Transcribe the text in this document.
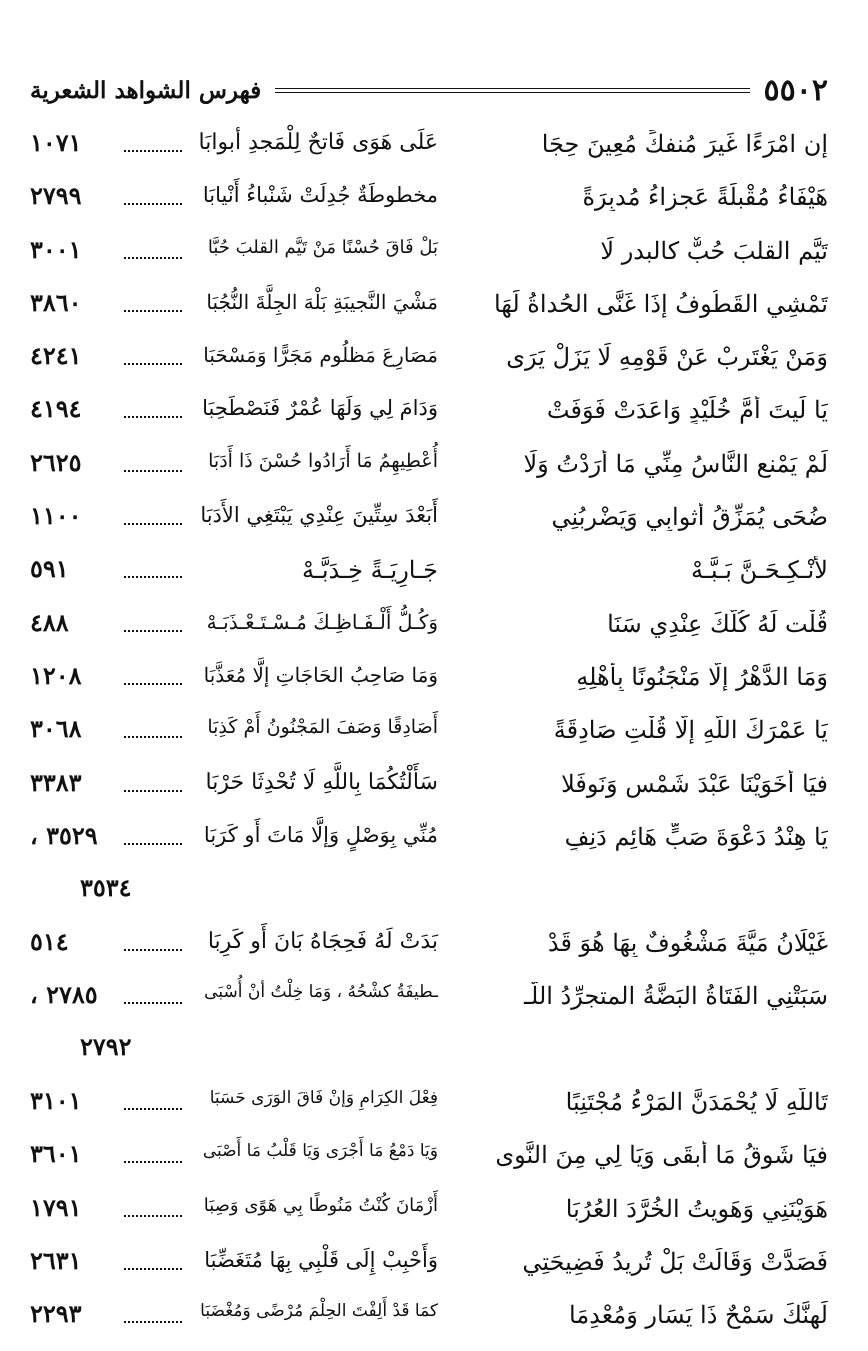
٥٥٠٢
فهرس الشواهد الشعرية
إن امْرَءًا غَيرَ مُنفكٍّ مُعِينَ حِجَا
عَلَى هَوَى فَاتحٌ لِلْمَجدِ أبوابَا
١٠٧١
هَيْفَاءُ مُقْبلَةً عَجزاءُ مُدبِرَةً
مخطوطَةٌ جُدِلَتْ شَنْباءُ أَنْيابَا
٢٧٩٩
تَيَّم القلبَ حُبٌّ كالبدرِ لَا
بَلْ فَاقَ حُسْنًا مَنْ تَيَّم القلبَ حُبَّا
٣٠٠١
تَمْشِي القَطُوفُ إذَا غَنَّى الحُداةُ لَهَا
مَشْيَ النَّجيبَةِ بَلْهَ الجِلَّةَ النُّجُبَا
٣٨٦٠
وَمَنْ يَغْتَرِبْ عَنْ قَوْمِهِ لَا يَزَلْ يَرَى
مَصَارِعَ مَظلُوم مَجَرًّا وَمَسْحَبَا
٤٢٤١
يَا لَيتَ أُمَّ خُلَيْدٍ وَاعَدَتْ فَوَفَتْ
وَدَامَ لِي وَلَهَا عُمْرٌ فَنَصْطَحِبَا
٤١٩٤
لَمْ يَمْنعِ النَّاسُ مِنِّي مَا أَرَدْتُ وَلَا
أُعْطِيهِمُ مَا أَرَادُوا حُسْنَ ذَا أَدَبَا
٢٦٢٥
ضُحَى يُمَزِّقُ أثوابِي وَيَضْرِبُنِي
أَبَعْدَ سِتِّينَ عِنْدِي يَبْتَغِي الأَدَبَا
١١٠٠
لأُنْـكِـحَـنَّ بَـبَّـهْ
جَـارِيَـةً خِـدَبَّـهْ
٥٩١
قُلْت لَهُ كُلُّكَ عِنْدِي سَنَا
وَكُـلُّ أَلْـفَـاظِـكَ مُـسْـتَـعْـذَبَـهْ
٤٨٨
وَمَا الدَّهْرُ إلَّا مَنْجَنُونًا بِأَهْلِهِ
وَمَا صَاحِبُ الحَاجَاتِ إلَّا مُعَذَّبَا
١٢٠٨
يَا عَمْرَكَ اللَّهِ إلَّا قُلْتِ صَادِقَةً
أَصَادِقًا وَصَفَ المَجْنُونُ أَمْ كَذِبَا
٣٠٦٨
فيَا أَخَوَيْنَا عَبْدَ شَمْسٍ وَنَوفَلا
سَأَلْتُكُمَا بِاللَّهِ لَا تُحْدِثَا حَرْبَا
٣٣٨٣
يَا هِنْدُ دَعْوَةَ صَبٍّ هَائِم دَنِفٍ
مُنِّي بِوَصْلٍ وَإلَّا مَاتَ أَو كَرَبَا
٣٥٢٩ ،
٣٥٣٤
غَيْلَانُ مَيَّةَ مَشْغُوفٌ بِهَا هُوَ قَدْ
بَدَتْ لَهُ فَحِجَاهُ بَانَ أَو كَرِبَا
٥١٤
سَبَتْنِي الفَتَاةُ البَضَّةُ المتجرِّدُ اللَّـ
ـطيفَةُ كشْحُهُ ، وَمَا خِلْتُ أنْ أُسْبَى
٢٧٨٥ ،
٢٧٩٢
تَاللَّهِ لَا يُحْمَدَنَّ المَرْءُ مُجْتَنِبًا
فِعْلَ الكِرَامِ وَإنْ فَاقَ الوَرَى حَسَبَا
٣١٠١
فيَا شَوقُ مَا أَبقَى وَيَا لِي مِنَ النَّوى
وَيَا دَمْعُ مَا أَجْرَى وَيَا قَلْبُ مَا أَصْبَى
٣٦٠١
هَوَيْنَنِي وَهَوِيتُ الخُرَّدَ العُرُبَا
أَزْمَانَ كُنْتُ مَنُوطًا بِي هَوًى وَصِبَا
١٧٩١
فَصَدَّتْ وَقَالَتْ بَلْ تُرِيدُ فَضِيحَتِي
وَأَحْبِبْ إِلَى قَلْبِي بِهَا مُتَغَضِّبَا
٢٦٣١
لَهِنَّكَ سَمْحٌ ذَا يَسَارٍ وَمُعْدِمَا
كمَا قَدْ أَلِفْتَ الحِلْمَ مُرْضًى وَمُغْضَبَا
٢٢٩٣
